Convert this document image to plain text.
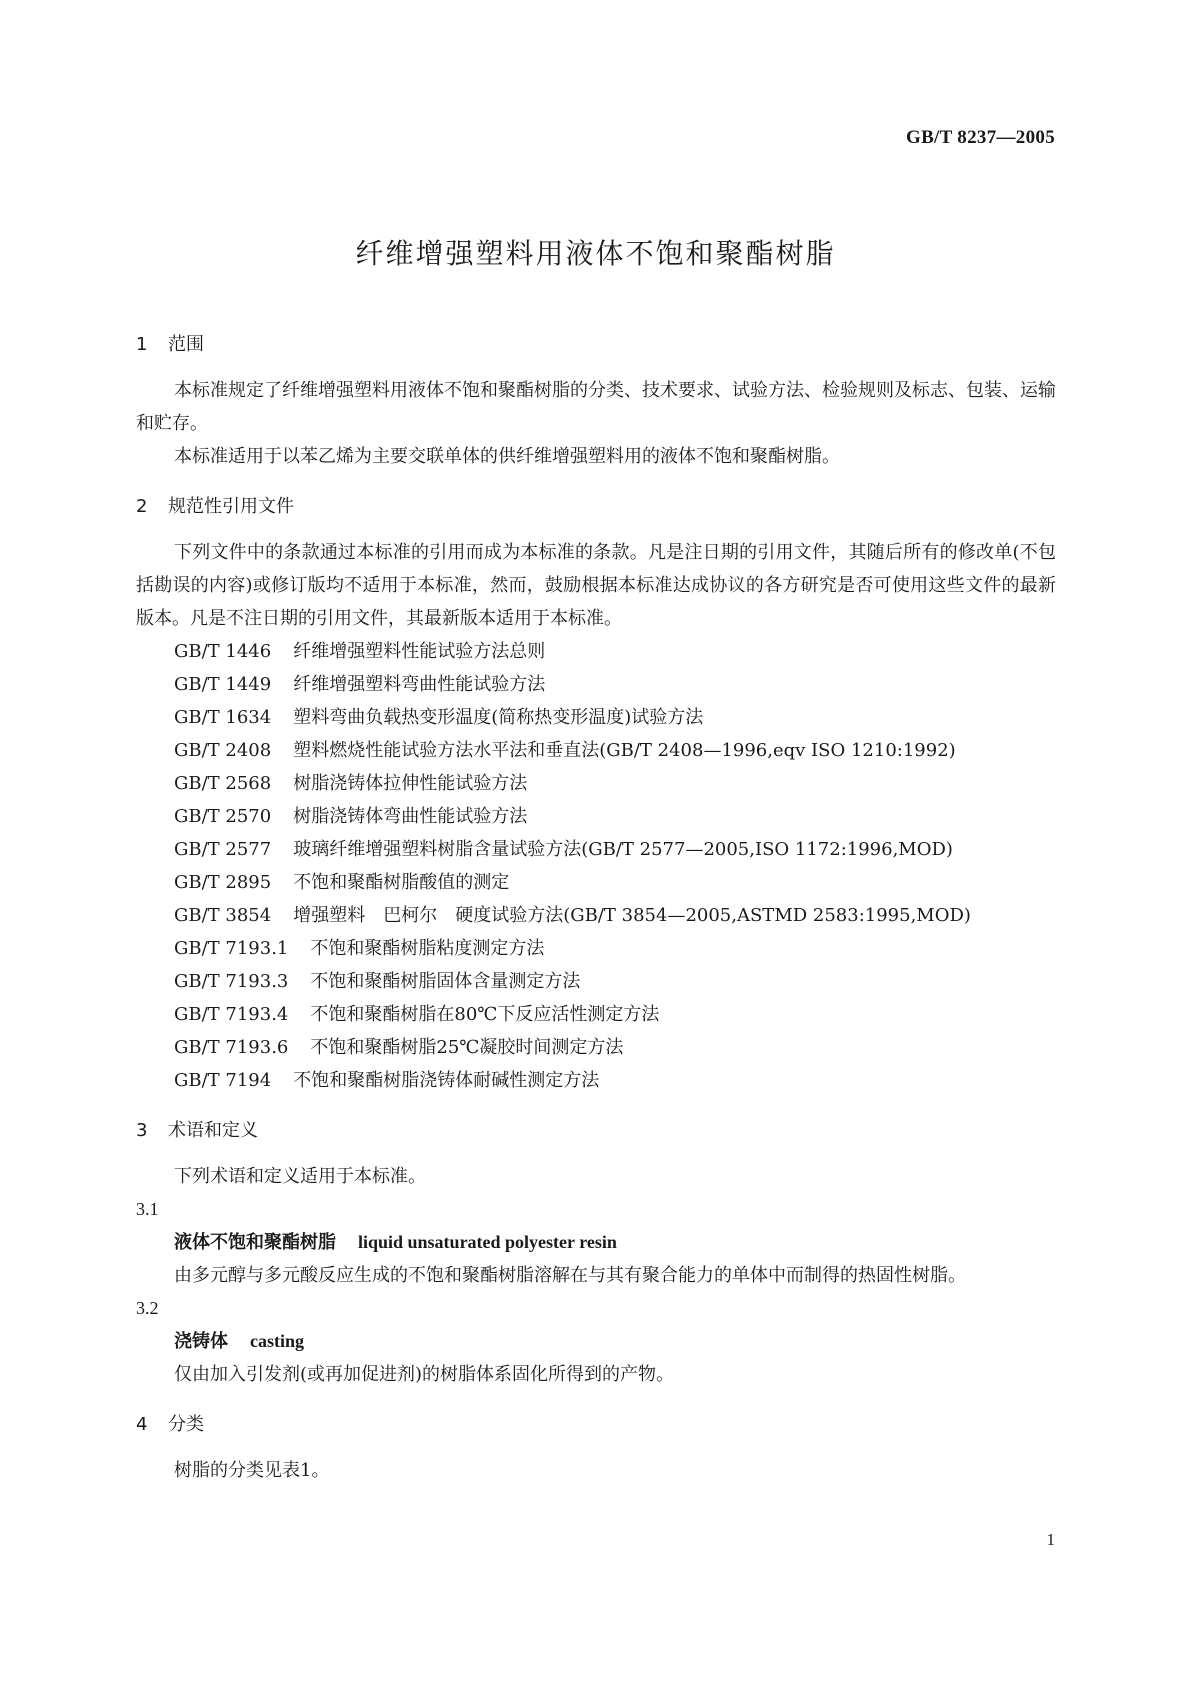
GB/T 8237—2005
纤维增强塑料用液体不饱和聚酯树脂
1 范围

本标准规定了纤维增强塑料用液体不饱和聚酯树脂的分类、技术要求、试验方法、检验规则及标志、包装、运输和贮存。

本标准适用于以苯乙烯为主要交联单体的供纤维增强塑料用的液体不饱和聚酯树脂。

2 规范性引用文件

下列文件中的条款通过本标准的引用而成为本标准的条款。凡是注日期的引用文件，其随后所有的修改单(不包括勘误的内容)或修订版均不适用于本标准，然而，鼓励根据本标准达成协议的各方研究是否可使用这些文件的最新版本。凡是不注日期的引用文件，其最新版本适用于本标准。

GB/T 1446 纤维增强塑料性能试验方法总则
GB/T 1449 纤维增强塑料弯曲性能试验方法
GB/T 1634 塑料弯曲负载热变形温度(简称热变形温度)试验方法
GB/T 2408 塑料燃烧性能试验方法水平法和垂直法(GB/T 2408—1996,eqv ISO 1210:1992)
GB/T 2568 树脂浇铸体拉伸性能试验方法
GB/T 2570 树脂浇铸体弯曲性能试验方法
GB/T 2577 玻璃纤维增强塑料树脂含量试验方法(GB/T 2577—2005,ISO 1172:1996,MOD)
GB/T 2895 不饱和聚酯树脂酸值的测定
GB/T 3854 增强塑料　巴柯尔　硬度试验方法(GB/T 3854—2005,ASTMD 2583:1995,MOD)
GB/T 7193.1 不饱和聚酯树脂粘度测定方法
GB/T 7193.3 不饱和聚酯树脂固体含量测定方法
GB/T 7193.4 不饱和聚酯树脂在80℃下反应活性测定方法
GB/T 7193.6 不饱和聚酯树脂25℃凝胶时间测定方法
GB/T 7194 不饱和聚酯树脂浇铸体耐碱性测定方法
3 术语和定义

下列术语和定义适用于本标准。

3.1

液体不饱和聚酯树脂 liquid unsaturated polyester resin

由多元醇与多元酸反应生成的不饱和聚酯树脂溶解在与其有聚合能力的单体中而制得的热固性树脂。

3.2

浇铸体 casting

仅由加入引发剂(或再加促进剂)的树脂体系固化所得到的产物。

4 分类

树脂的分类见表1。

1
